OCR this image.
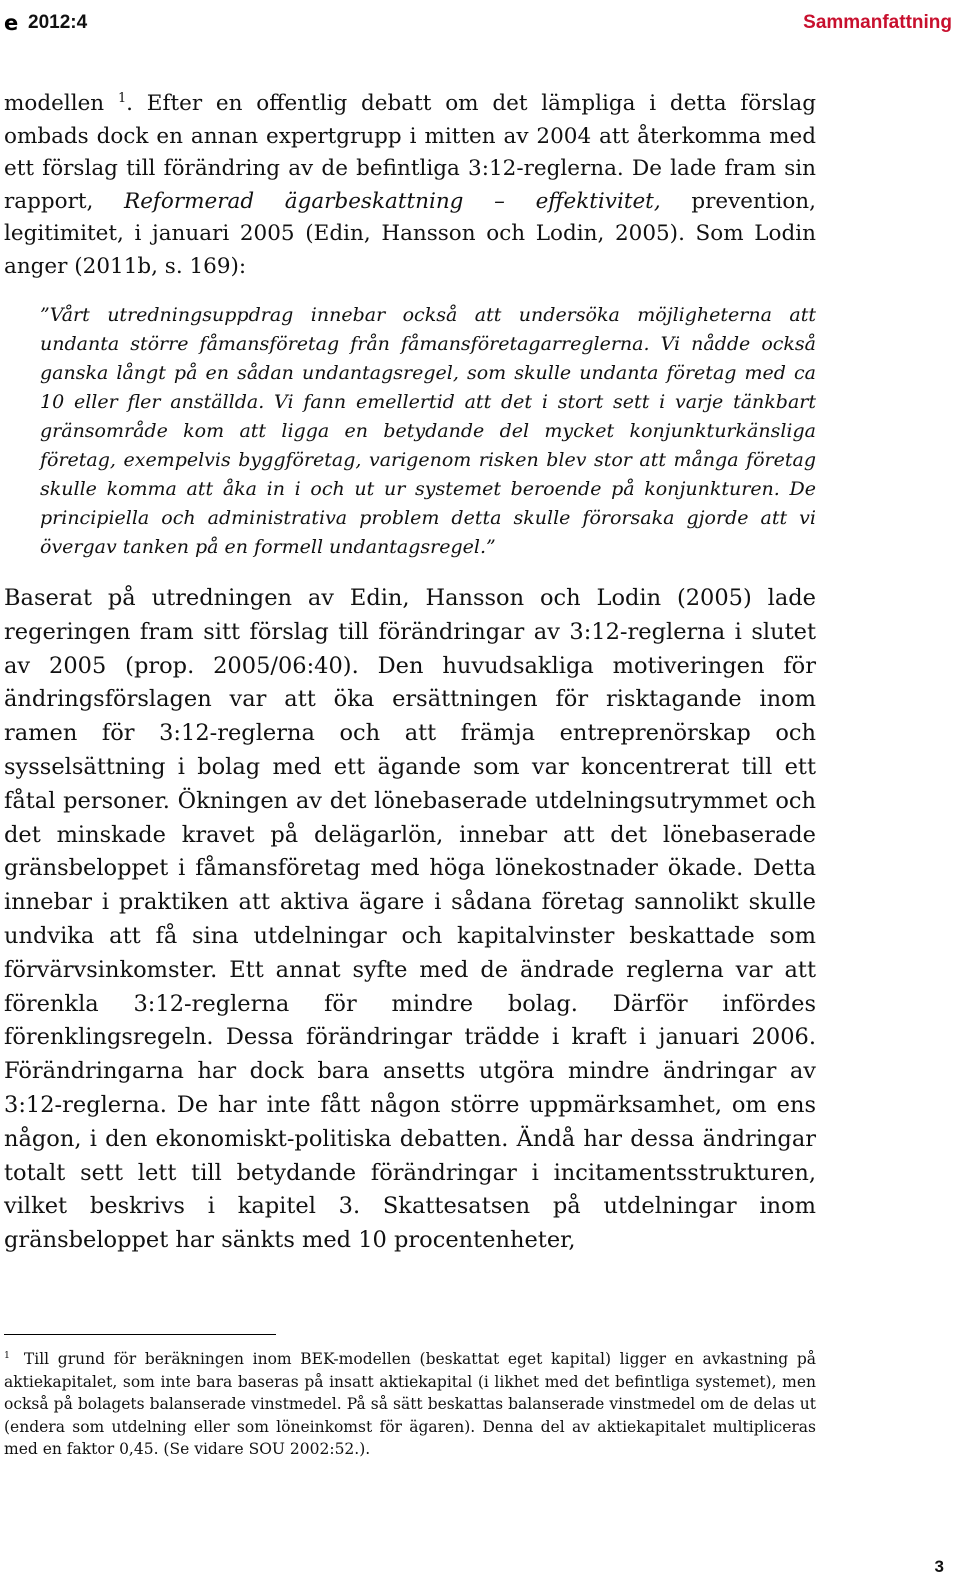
e 2012:4	Sammanfattning

modellen $^1$. Efter en offentlig debatt om det lämpliga i detta förslag ombads dock en annan expertgrupp i mitten av 2004 att återkomma med ett förslag till förändring av de befintliga 3:12-reglerna. De lade fram sin rapport, Reformerad ägarbeskattning – effektivitet, prevention, legitimitet, i januari 2005 (Edin, Hansson och Lodin, 2005). Som Lodin anger (2011b, s. 169):

”Vårt utredningsuppdrag innebar också att undersöka möjligheterna att undanta större fåmansföretag från fåmansföretagarreglerna. Vi nådde också ganska långt på en sådan undantagsregel, som skulle undanta företag med ca 10 eller fler anställda. Vi fann emellertid att det i stort sett i varje tänkbart gränsområde kom att ligga en betydande del mycket konjunkturkänsliga företag, exempelvis byggföretag, varigenom risken blev stor att många företag skulle komma att åka in i och ut ur systemet beroende på konjunkturen. De principiella och administrativa problem detta skulle förorsaka gjorde att vi övergav tanken på en formell undantagsregel.”

Baserat på utredningen av Edin, Hansson och Lodin (2005) lade regeringen fram sitt förslag till förändringar av 3:12-reglerna i slutet av 2005 (prop. 2005/06:40). Den huvudsakliga motiveringen för ändringsförslagen var att öka ersättningen för risktagande inom ramen för 3:12-reglerna och att främja entreprenörskap och sysselsättning i bolag med ett ägande som var koncentrerat till ett fåtal personer. Ökningen av det lönebaserade utdelningsutrymmet och det minskade kravet på delägarlön, innebar att det lönebaserade gränsbeloppet i fåmansföretag med höga lönekostnader ökade. Detta innebar i praktiken att aktiva ägare i sådana företag sannolikt skulle undvika att få sina utdelningar och kapitalvinster beskattade som förvärvsinkomster. Ett annat syfte med de ändrade reglerna var att förenkla 3:12-reglerna för mindre bolag. Därför infördes förenklingsregeln. Dessa förändringar trädde i kraft i januari 2006. Förändringarna har dock bara ansetts utgöra mindre ändringar av 3:12-reglerna. De har inte fått någon större uppmärksamhet, om ens någon, i den ekonomiskt-politiska debatten. Ändå har dessa ändringar totalt sett lett till betydande förändringar i incitamentsstrukturen, vilket beskrivs i kapitel 3. Skattesatsen på utdelningar inom gränsbeloppet har sänkts med 10 procentenheter,

$^1$ Till grund för beräkningen inom BEK-modellen (beskattat eget kapital) ligger en avkastning på aktiekapitalet, som inte bara baseras på insatt aktiekapital (i likhet med det befintliga systemet), men också på bolagets balanserade vinstmedel. På så sätt beskattas balanserade vinstmedel om de delas ut (endera som utdelning eller som löneinkomst för ägaren). Denna del av aktiekapitalet multipliceras med en faktor 0,45. (Se vidare SOU 2002:52.).

3
